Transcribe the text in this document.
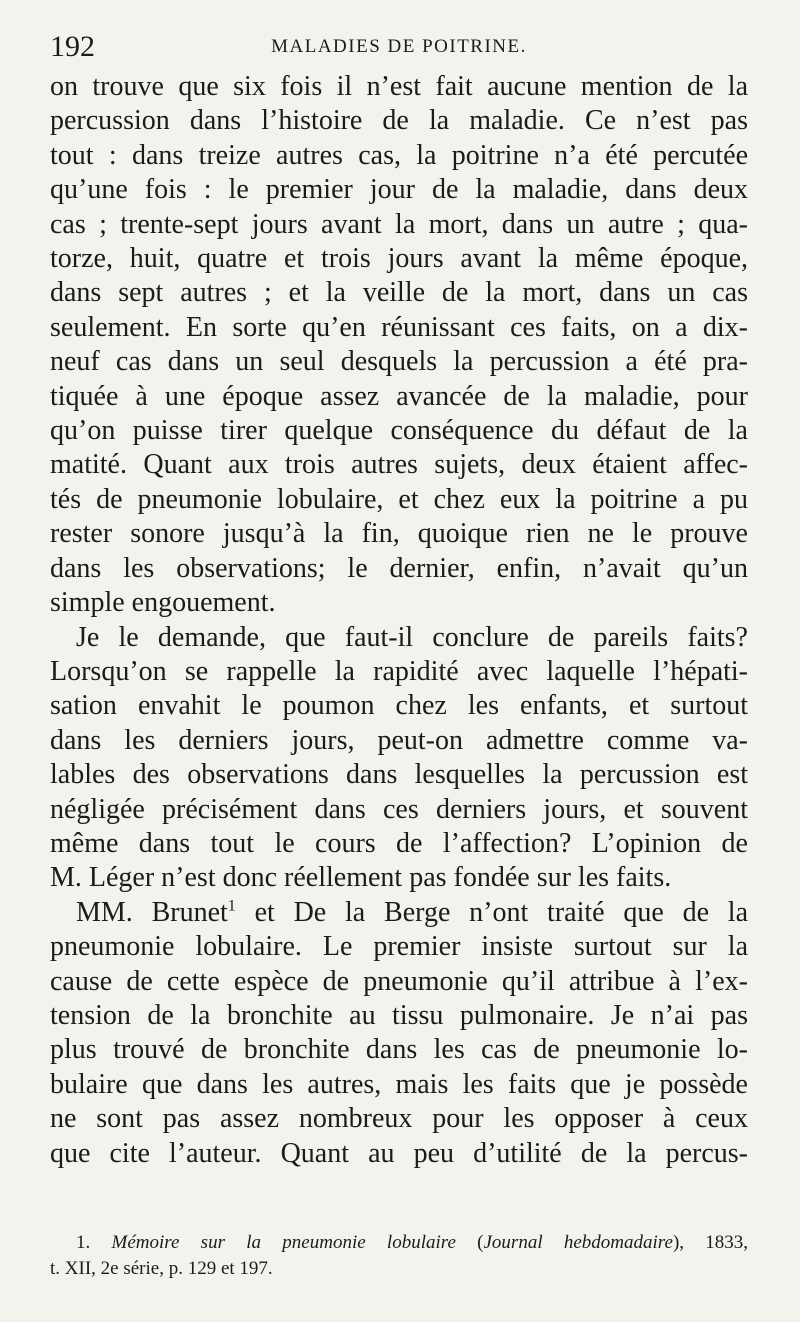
192	MALADIES DE POITRINE.
on trouve que six fois il n’est fait aucune mention de la
percussion dans l’histoire de la maladie. Ce n’est pas
tout : dans treize autres cas, la poitrine n’a été percutée
qu’une fois : le premier jour de la maladie, dans deux
cas ; trente-sept jours avant la mort, dans un autre ; qua-
torze, huit, quatre et trois jours avant la même époque,
dans sept autres ; et la veille de la mort, dans un cas
seulement. En sorte qu’en réunissant ces faits, on a dix-
neuf cas dans un seul desquels la percussion a été pra-
tiquée à une époque assez avancée de la maladie, pour
qu’on puisse tirer quelque conséquence du défaut de la
matité. Quant aux trois autres sujets, deux étaient affec-
tés de pneumonie lobulaire, et chez eux la poitrine a pu
rester sonore jusqu’à la fin, quoique rien ne le prouve
dans les observations; le dernier, enfin, n’avait qu’un
simple engouement.
Je le demande, que faut-il conclure de pareils faits?
Lorsqu’on se rappelle la rapidité avec laquelle l’hépati-
sation envahit le poumon chez les enfants, et surtout
dans les derniers jours, peut-on admettre comme va-
lables des observations dans lesquelles la percussion est
négligée précisément dans ces derniers jours, et souvent
même dans tout le cours de l’affection? L’opinion de
M. Léger n’est donc réellement pas fondée sur les faits.
MM. Brunet$^1$ et De la Berge n’ont traité que de la
pneumonie lobulaire. Le premier insiste surtout sur la
cause de cette espèce de pneumonie qu’il attribue à l’ex-
tension de la bronchite au tissu pulmonaire. Je n’ai pas
plus trouvé de bronchite dans les cas de pneumonie lo-
bulaire que dans les autres, mais les faits que je possède
ne sont pas assez nombreux pour les opposer à ceux
que cite l’auteur. Quant au peu d’utilité de la percus-
1. Mémoire sur la pneumonie lobulaire (Journal hebdomadaire), 1833,
t. XII, 2e série, p. 129 et 197.
